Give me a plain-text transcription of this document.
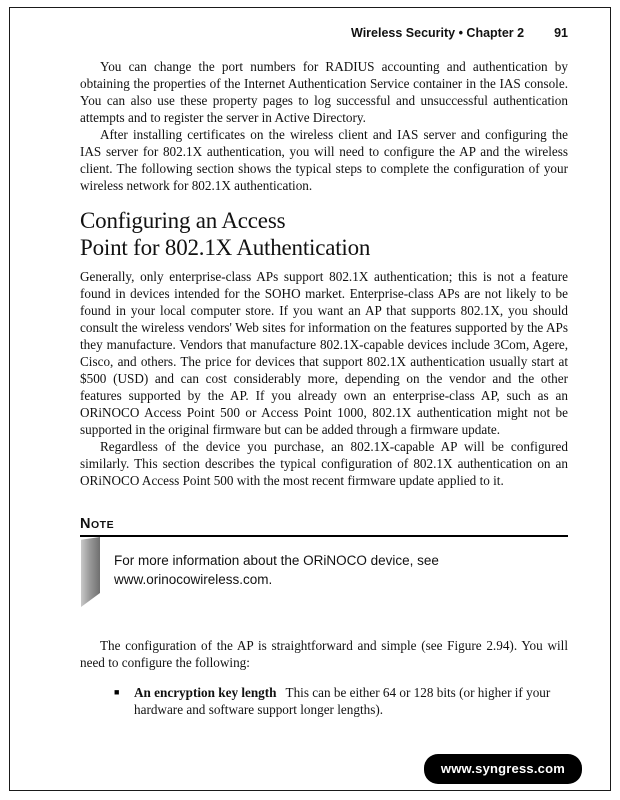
Wireless Security • Chapter 2 91

You can change the port numbers for RADIUS accounting and authentication by obtaining the properties of the Internet Authentication Service container in the IAS console. You can also use these property pages to log successful and unsuccessful authentication attempts and to register the server in Active Directory.

After installing certificates on the wireless client and IAS server and configuring the IAS server for 802.1X authentication, you will need to configure the AP and the wireless client. The following section shows the typical steps to complete the configuration of your wireless network for 802.1X authentication.

Configuring an Access
Point for 802.1X Authentication

Generally, only enterprise-class APs support 802.1X authentication; this is not a feature found in devices intended for the SOHO market. Enterprise-class APs are not likely to be found in your local computer store. If you want an AP that supports 802.1X, you should consult the wireless vendors' Web sites for information on the features supported by the APs they manufacture. Vendors that manufacture 802.1X-capable devices include 3Com, Agere, Cisco, and others. The price for devices that support 802.1X authentication usually start at $500 (USD) and can cost considerably more, depending on the vendor and the other features supported by the AP. If you already own an enterprise-class AP, such as an ORiNOCO Access Point 500 or Access Point 1000, 802.1X authentication might not be supported in the original firmware but can be added through a firmware update.

Regardless of the device you purchase, an 802.1X-capable AP will be configured similarly. This section describes the typical configuration of 802.1X authentication on an ORiNOCO Access Point 500 with the most recent firmware update applied to it.

NOTE

For more information about the ORiNOCO device, see www.orinocowireless.com.

The configuration of the AP is straightforward and simple (see Figure 2.94). You will need to configure the following:

■	An encryption key length This can be either 64 or 128 bits (or higher if your hardware and software support longer lengths).
www.syngress.com
